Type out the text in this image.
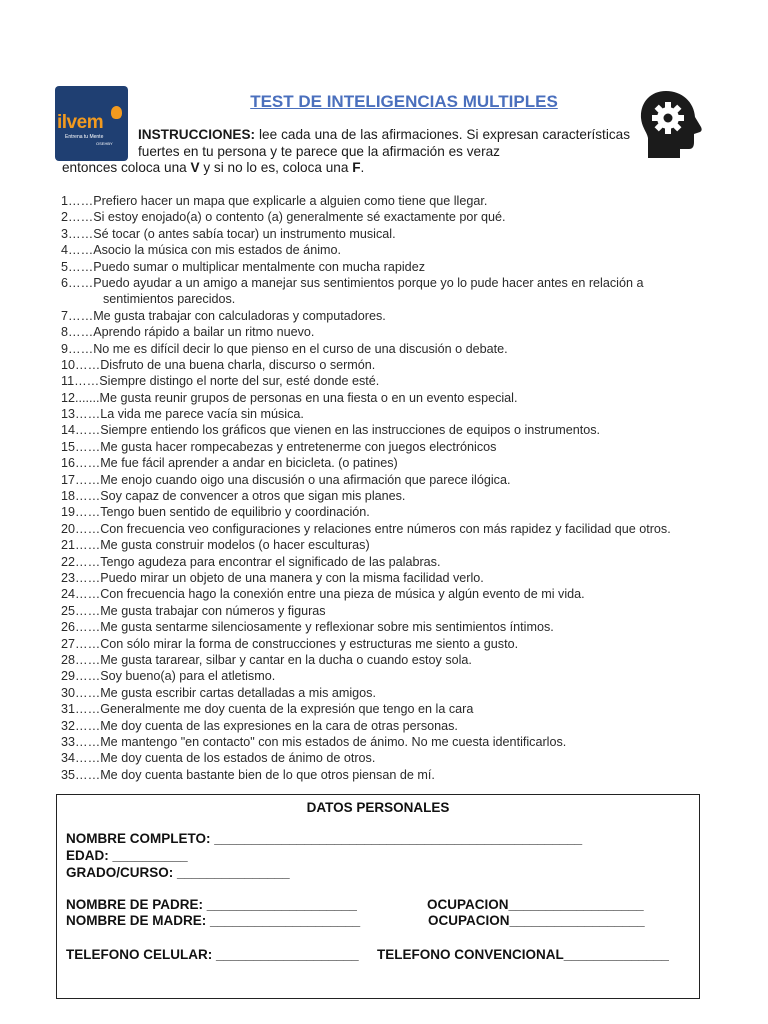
ilvem
Entrena tu Mente
OSEHBY
TEST DE INTELIGENCIAS MULTIPLES
INSTRUCCIONES: lee cada una de las afirmaciones. Si expresan características fuertes en tu persona y te parece que la afirmación es veraz
entonces coloca una V y si no lo es, coloca una F.
1……Prefiero hacer un mapa que explicarle a alguien como tiene que llegar.
2……Si estoy enojado(a) o contento (a) generalmente sé exactamente por qué.
3……Sé tocar (o antes sabía tocar) un instrumento musical.
4……Asocio la música con mis estados de ánimo.
5……Puedo sumar o multiplicar mentalmente con mucha rapidez
6……Puedo ayudar a un amigo a manejar sus sentimientos porque yo lo pude hacer antes en relación a
sentimientos parecidos.
7……Me gusta trabajar con calculadoras y computadores.
8……Aprendo rápido a bailar un ritmo nuevo.
9……No me es difícil decir lo que pienso en el curso de una discusión o debate.
10……Disfruto de una buena charla, discurso o sermón.
11……Siempre distingo el norte del sur, esté donde esté.
12.......Me gusta reunir grupos de personas en una fiesta o en un evento especial.
13……La vida me parece vacía sin música.
14……Siempre entiendo los gráficos que vienen en las instrucciones de equipos o instrumentos.
15……Me gusta hacer rompecabezas y entretenerme con juegos electrónicos
16……Me fue fácil aprender a andar en bicicleta. (o patines)
17……Me enojo cuando oigo una discusión o una afirmación que parece ilógica.
18……Soy capaz de convencer a otros que sigan mis planes.
19……Tengo buen sentido de equilibrio y coordinación.
20……Con frecuencia veo configuraciones y relaciones entre números con más rapidez y facilidad que otros.
21……Me gusta construir modelos (o hacer esculturas)
22……Tengo agudeza para encontrar el significado de las palabras.
23……Puedo mirar un objeto de una manera y con la misma facilidad verlo.
24……Con frecuencia hago la conexión entre una pieza de música y algún evento de mi vida.
25……Me gusta trabajar con números y figuras
26……Me gusta sentarme silenciosamente y reflexionar sobre mis sentimientos íntimos.
27……Con sólo mirar la forma de construcciones y estructuras me siento a gusto.
28……Me gusta tararear, silbar y cantar en la ducha o cuando estoy sola.
29……Soy bueno(a) para el atletismo.
30……Me gusta escribir cartas detalladas a mis amigos.
31……Generalmente me doy cuenta de la expresión que tengo en la cara
32……Me doy cuenta de las expresiones en la cara de otras personas.
33……Me mantengo "en contacto" con mis estados de ánimo. No me cuesta identificarlos.
34……Me doy cuenta de los estados de ánimo de otros.
35……Me doy cuenta bastante bien de lo que otros piensan de mí.
DATOS PERSONALES
NOMBRE COMPLETO: _________________________________________________
EDAD: __________
GRADO/CURSO: _______________
NOMBRE DE PADRE: ____________________	OCUPACION__________________
NOMBRE DE MADRE: ____________________	OCUPACION__________________
TELEFONO CELULAR: ___________________ TELEFONO CONVENCIONAL______________
